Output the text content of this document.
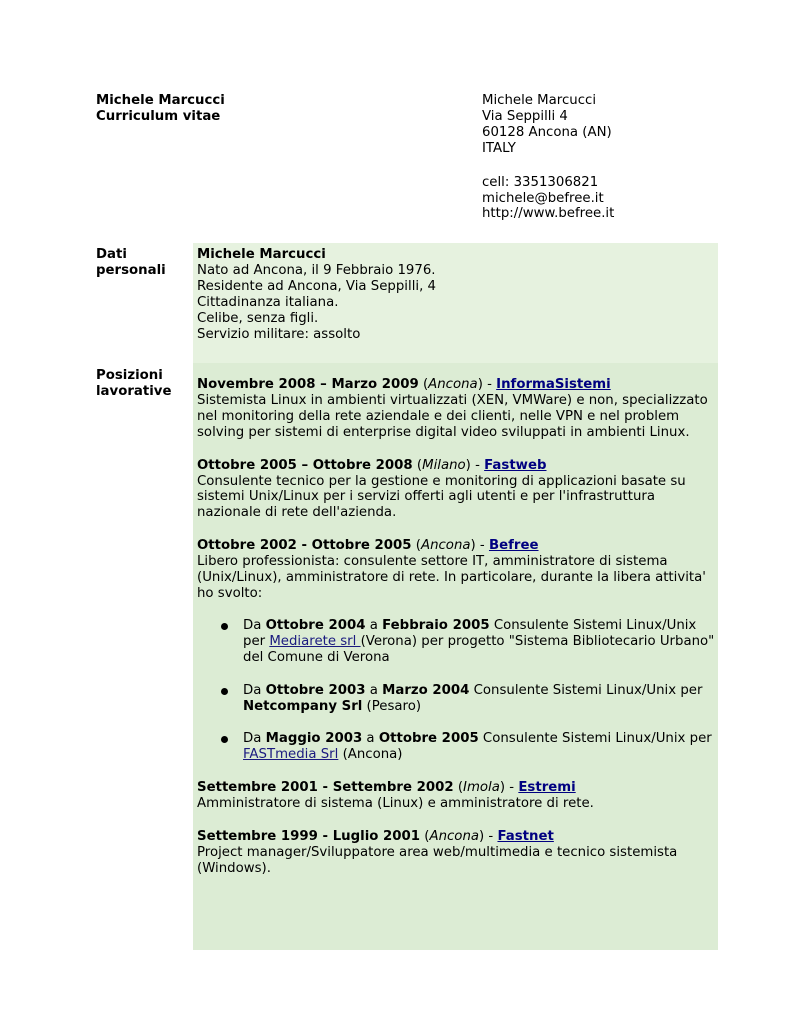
Michele Marcucci
Curriculum vitae
Michele Marcucci
Via Seppilli 4
60128 Ancona (AN)
ITALY
cell: 3351306821
michele@befree.it
http://www.befree.it
Dati
personali
Michele Marcucci
Nato ad Ancona, il 9 Febbraio 1976.
Residente ad Ancona, Via Seppilli, 4
Cittadinanza italiana.
Celibe, senza figli.
Servizio militare: assolto
Posizioni
lavorative	Novembre 2008 – Marzo 2009 (Ancona) - InformaSistemi
Sistemista Linux in ambienti virtualizzati (XEN, VMWare) e non, specializzato nel monitoring della rete aziendale e dei clienti, nelle VPN e nel problem solving per sistemi di enterprise digital video sviluppati in ambienti Linux.
Ottobre 2005 – Ottobre 2008 (Milano) - Fastweb
Consulente tecnico per la gestione e monitoring di applicazioni basate su sistemi Unix/Linux per i servizi offerti agli utenti e per l'infrastruttura nazionale di rete dell'azienda.
Ottobre 2002 - Ottobre 2005 (Ancona) - Befree
Libero professionista: consulente settore IT, amministratore di sistema (Unix/Linux), amministratore di rete. In particolare, durante la libera attivita' ho svolto:
Da Ottobre 2004 a Febbraio 2005 Consulente Sistemi Linux/Unix per Mediarete srl (Verona) per progetto "Sistema Bibliotecario Urbano" del Comune di Verona
Da Ottobre 2003 a Marzo 2004 Consulente Sistemi Linux/Unix per Netcompany Srl (Pesaro)
Da Maggio 2003 a Ottobre 2005 Consulente Sistemi Linux/Unix per FASTmedia Srl (Ancona)
Settembre 2001 - Settembre 2002 (Imola) - Estremi
Amministratore di sistema (Linux) e amministratore di rete.
Settembre 1999 - Luglio 2001 (Ancona) - Fastnet
Project manager/Sviluppatore area web/multimedia e tecnico sistemista (Windows).
